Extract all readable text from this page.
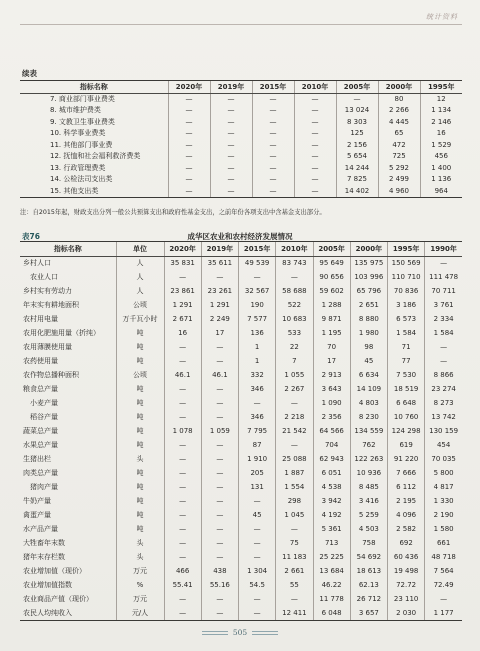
统计资料
续表
指标名称	2020年	2019年	2015年	2010年	2005年	2000年	1995年
7. 商业部门事业费类	—	—	—	—	—	80	12
8. 城市维护费类	—	—	—	—	13 024	2 266	1 134
9. 文教卫生事业费类	—	—	—	—	8 303	4 445	2 146
10. 科学事业费类	—	—	—	—	125	65	16
11. 其他部门事业费	—	—	—	—	2 156	472	1 529
12. 抚恤和社会福利救济费类	—	—	—	—	5 654	725	456
13. 行政管理费类	—	—	—	—	14 244	5 292	1 400
14. 公检法司支出类	—	—	—	—	7 825	2 499	1 136
15. 其他支出类	—	—	—	—	14 402	4 960	964
注：自2015年起，财政支出分列一般公共预算支出和政府性基金支出，之前年份各项支出中含基金支出部分。
表76	成华区农业和农村经济发展情况
指标名称	单位	2020年	2019年	2015年	2010年	2005年	2000年	1995年	1990年
乡村人口	人	35 831	35 611	49 539	83 743	95 649	135 975	150 569	—
　农业人口	人	—	—	—	—	90 656	103 996	110 710	111 478
乡村实有劳动力	人	23 861	23 261	32 567	58 688	59 602	65 796	70 836	70 711
年末实有耕地面积	公顷	1 291	1 291	190	522	1 288	2 651	3 186	3 761
农村用电量	万千瓦小时	2 671	2 249	7 577	10 683	9 871	8 880	6 573	2 334
农用化肥施用量（折纯）	吨	16	17	136	533	1 195	1 980	1 584	1 584
农用薄膜使用量	吨	—	—	1	22	70	98	71	—
农药使用量	吨	—	—	1	7	17	45	77	—
农作物总播种面积	公顷	46.1	46.1	332	1 055	2 913	6 634	7 530	8 866
粮食总产量	吨	—	—	346	2 267	3 643	14 109	18 519	23 274
　小麦产量	吨	—	—	—	—	1 090	4 803	6 648	8 273
　稻谷产量	吨	—	—	346	2 218	2 356	8 230	10 760	13 742
蔬菜总产量	吨	1 078	1 059	7 795	21 542	64 566	134 559	124 298	130 159
水果总产量	吨	—	—	87	—	704	762	619	454
生猪出栏	头	—	—	1 910	25 088	62 943	122 263	91 220	70 035
肉类总产量	吨	—	—	205	1 887	6 051	10 936	7 666	5 800
　猪肉产量	吨	—	—	131	1 554	4 538	8 485	6 112	4 817
牛奶产量	吨	—	—	—	298	3 942	3 416	2 195	1 330
禽蛋产量	吨	—	—	45	1 045	4 192	5 259	4 096	2 190
水产品产量	吨	—	—	—	—	5 361	4 503	2 582	1 580
大牲畜年末数	头	—	—	—	75	713	758	692	661
猪年末存栏数	头	—	—	—	11 183	25 225	54 692	60 436	48 718
农业增加值（现价）	万元	466	438	1 304	2 661	13 684	18 613	19 498	7 564
农业增加值指数	%	55.41	55.16	54.5	55	46.22	62.13	72.72	72.49
农业商品产值（现价）	万元	—	—	—	—	11 778	26 712	23 110	—
农民人均纯收入	元/人	—	—	—	12 411	6 048	3 657	2 030	1 177
505
